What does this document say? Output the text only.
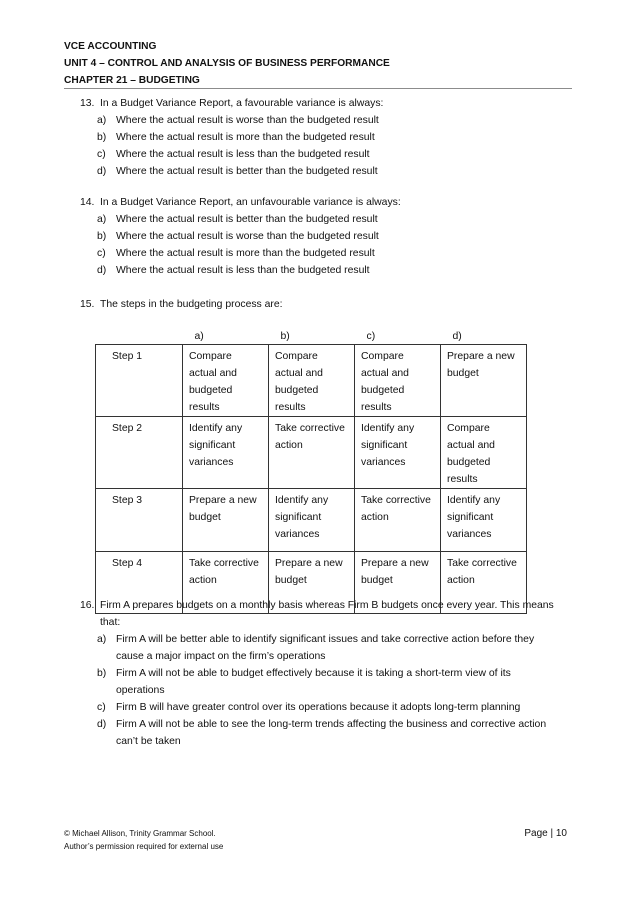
VCE ACCOUNTING
UNIT 4 – CONTROL AND ANALYSIS OF BUSINESS PERFORMANCE
CHAPTER 21 – BUDGETING
13. In a Budget Variance Report, a favourable variance is always:
a) Where the actual result is worse than the budgeted result
b) Where the actual result is more than the budgeted result
c) Where the actual result is less than the budgeted result
d) Where the actual result is better than the budgeted result
14. In a Budget Variance Report, an unfavourable variance is always:
a) Where the actual result is better than the budgeted result
b) Where the actual result is worse than the budgeted result
c) Where the actual result is more than the budgeted result
d) Where the actual result is less than the budgeted result
15. The steps in the budgeting process are:
	a)	b)	c)	d)
Step 1	Compare actual and budgeted results	Compare actual and budgeted results	Compare actual and budgeted results	Prepare a new budget
Step 2	Identify any significant variances	Take corrective action	Identify any significant variances	Compare actual and budgeted results
Step 3	Prepare a new budget	Identify any significant variances	Take corrective action	Identify any significant variances
Step 4	Take corrective action	Prepare a new budget	Prepare a new budget	Take corrective action
16. Firm A prepares budgets on a monthly basis whereas Firm B budgets once every year. This means that:
a) Firm A will be better able to identify significant issues and take corrective action before they cause a major impact on the firm’s operations
b) Firm A will not be able to budget effectively because it is taking a short-term view of its operations
c) Firm B will have greater control over its operations because it adopts long-term planning
d) Firm A will not be able to see the long-term trends affecting the business and corrective action can’t be taken
© Michael Allison, Trinity Grammar School.
Author’s permission required for external use
Page | 10
